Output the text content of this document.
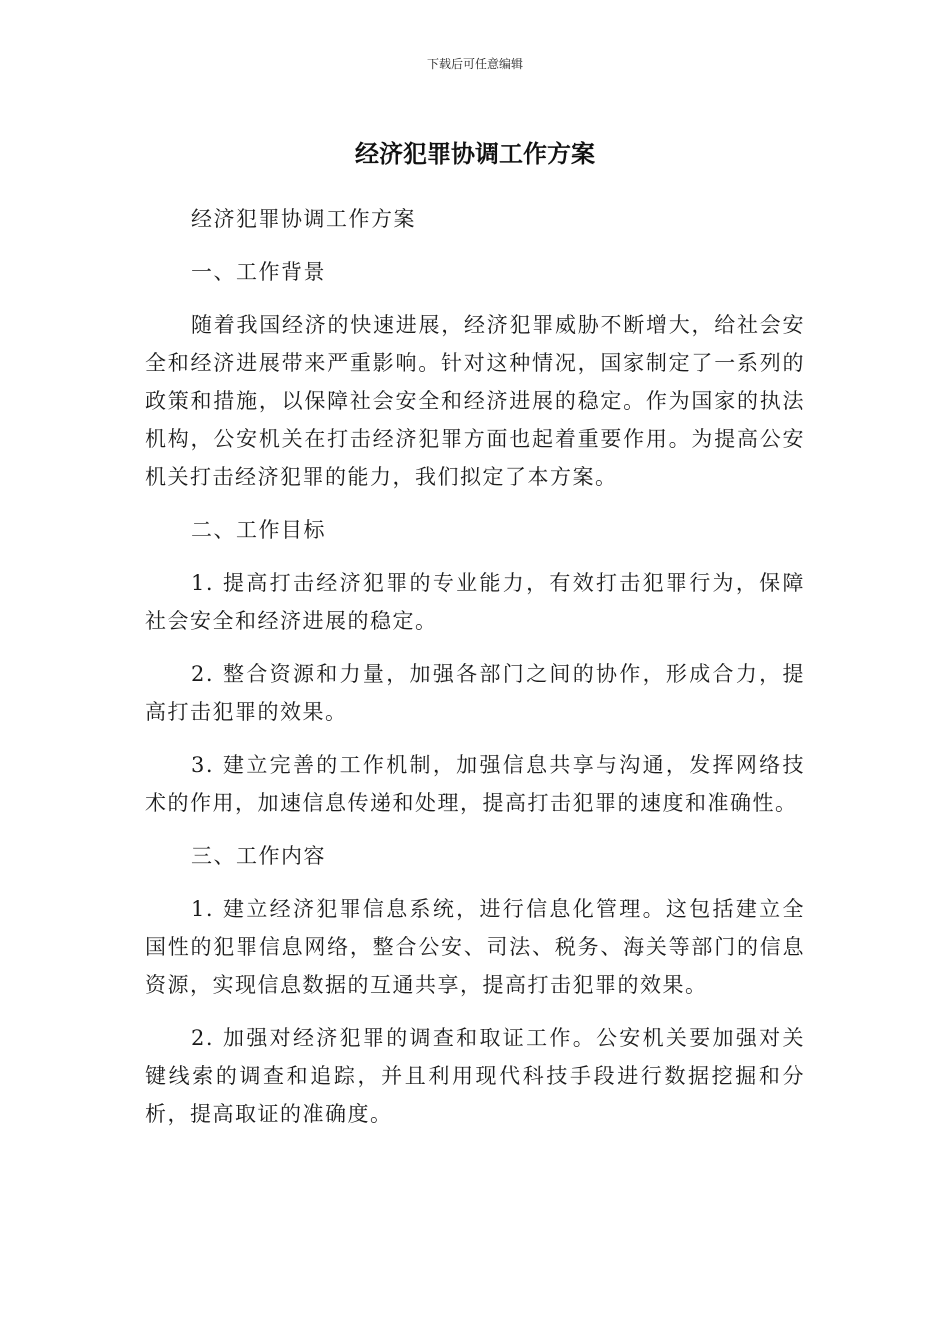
下载后可任意编辑
经济犯罪协调工作方案

经济犯罪协调工作方案

一、工作背景

随着我国经济的快速进展，经济犯罪威胁不断增大，给社会安全和经济进展带来严重影响。针对这种情况，国家制定了一系列的政策和措施，以保障社会安全和经济进展的稳定。作为国家的执法机构，公安机关在打击经济犯罪方面也起着重要作用。为提高公安机关打击经济犯罪的能力，我们拟定了本方案。

二、工作目标

1. 提高打击经济犯罪的专业能力，有效打击犯罪行为，保障社会安全和经济进展的稳定。

2. 整合资源和力量，加强各部门之间的协作，形成合力，提高打击犯罪的效果。

3. 建立完善的工作机制，加强信息共享与沟通，发挥网络技术的作用，加速信息传递和处理，提高打击犯罪的速度和准确性。

三、工作内容

1. 建立经济犯罪信息系统，进行信息化管理。这包括建立全国性的犯罪信息网络，整合公安、司法、税务、海关等部门的信息资源，实现信息数据的互通共享，提高打击犯罪的效果。

2. 加强对经济犯罪的调查和取证工作。公安机关要加强对关键线索的调查和追踪，并且利用现代科技手段进行数据挖掘和分析，提高取证的准确度。
